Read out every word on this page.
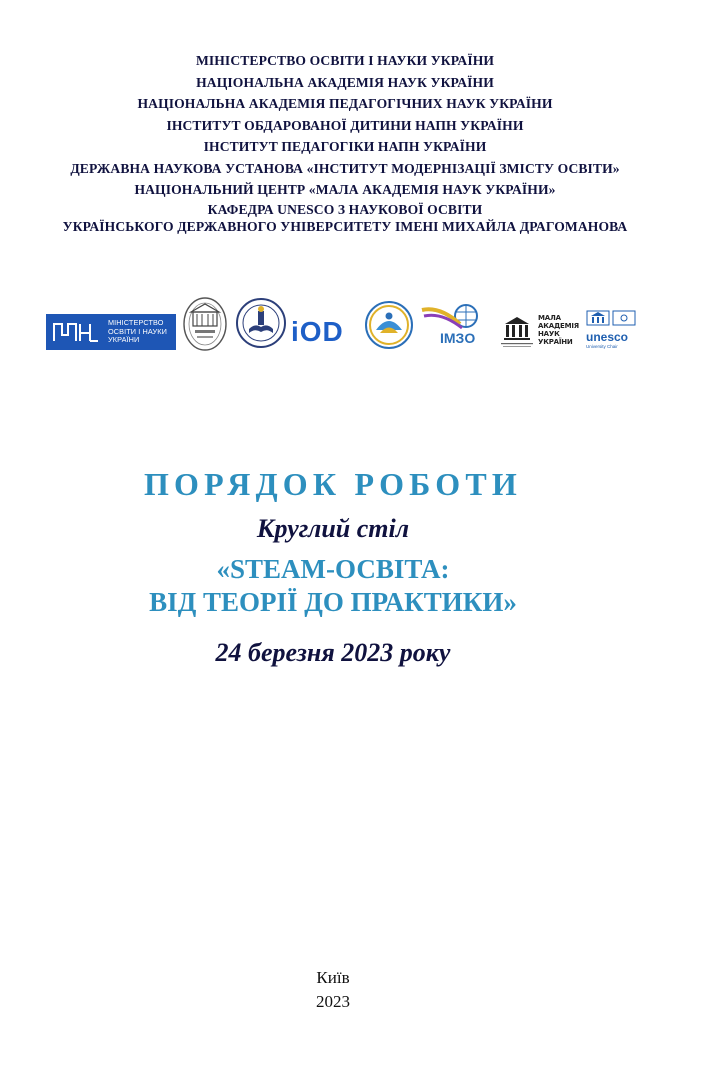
МІНІСТЕРСТВО ОСВІТИ І НАУКИ УКРАЇНИ
НАЦІОНАЛЬНА АКАДЕМІЯ НАУК УКРАЇНИ
НАЦІОНАЛЬНА АКАДЕМІЯ ПЕДАГОГІЧНИХ НАУК УКРАЇНИ
ІНСТИТУТ ОБДАРОВАНОЇ ДИТИНИ НАПН УКРАЇНИ
ІНСТИТУТ ПЕДАГОГІКИ НАПН УКРАЇНИ
ДЕРЖАВНА НАУКОВА УСТАНОВА «ІНСТИТУТ МОДЕРНІЗАЦІЇ ЗМІСТУ ОСВІТИ»
НАЦІОНАЛЬНИЙ ЦЕНТР «МАЛА АКАДЕМІЯ НАУК УКРАЇНИ»
КАФЕДРА UNESCO З НАУКОВОЇ ОСВІТИ
УКРАЇНСЬКОГО ДЕРЖАВНОГО УНІВЕРСИТЕТУ ІМЕНІ МИХАЙЛА ДРАГОМАНОВА
МІНІСТЕРСТВО
ОСВІТИ І НАУКИ
УКРАЇНИ	iOD	IMЗO
МАЛА
АКАДЕМІЯ
НАУК
УКРАЇНИ	unesco
University Chair
ПОРЯДОК РОБОТИ
Круглий стіл
«STEAM-ОСВІТА:
ВІД ТЕОРІЇ ДО ПРАКТИКИ»
24 березня 2023 року
Київ
2023
